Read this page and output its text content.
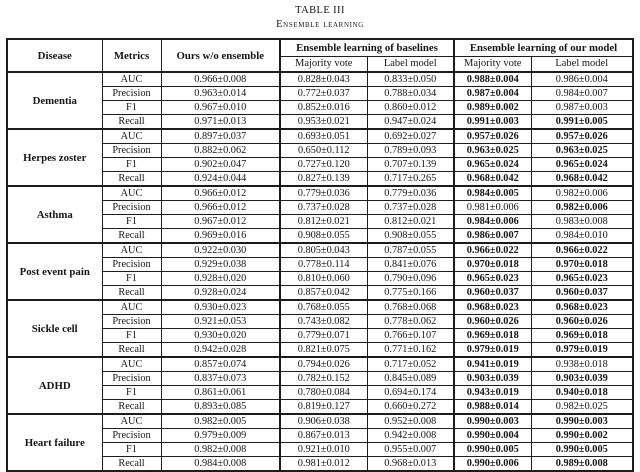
TABLE III
Ensemble learning
Disease	Metrics	Ours w/o ensemble	Ensemble learning of baselines		Ensemble learning of our model	
			Majority vote	Label model	Majority vote	Label model
Dementia	AUC	0.966±0.008	0.828±0.043	0.833±0.050	0.988±0.004	0.986±0.004
	Precision	0.963±0.014	0.772±0.037	0.788±0.034	0.987±0.004	0.984±0.007
	F1	0.967±0.010	0.852±0.016	0.860±0.012	0.989±0.002	0.987±0.003
	Recall	0.971±0.013	0.953±0.021	0.947±0.024	0.991±0.003	0.991±0.005
Herpes zoster	AUC	0.897±0.037	0.693±0.051	0.692±0.027	0.957±0.026	0.957±0.026
	Precision	0.882±0.062	0.650±0.112	0.789±0.093	0.963±0.025	0.963±0.025
	F1	0.902±0.047	0.727±0.120	0.707±0.139	0.965±0.024	0.965±0.024
	Recall	0.924±0.044	0.827±0.139	0.717±0.265	0.968±0.042	0.968±0.042
Asthma	AUC	0.966±0.012	0.779±0.036	0.779±0.036	0.984±0.005	0.982±0.006
	Precision	0.966±0.012	0.737±0.028	0.737±0.028	0.981±0.006	0.982±0.006
	F1	0.967±0.012	0.812±0.021	0.812±0.021	0.984±0.006	0.983±0.008
	Recall	0.969±0.016	0.908±0.055	0.908±0.055	0.986±0.007	0.984±0.010
Post event pain	AUC	0.922±0.030	0.805±0.043	0.787±0.055	0.966±0.022	0.966±0.022
	Precision	0.929±0.038	0.778±0.114	0.841±0.076	0.970±0.018	0.970±0.018
	F1	0.928±0.020	0.810±0.060	0.790±0.096	0.965±0.023	0.965±0.023
	Recall	0.928±0.024	0.857±0.042	0.775±0.166	0.960±0.037	0.960±0.037
Sickle cell	AUC	0.930±0.023	0.768±0.055	0.768±0.068	0.968±0.023	0.968±0.023
	Precision	0.921±0.053	0.743±0.082	0.778±0.062	0.960±0.026	0.960±0.026
	F1	0.930±0.020	0.779±0.071	0.766±0.107	0.969±0.018	0.969±0.018
	Recall	0.942±0.028	0.821±0.075	0.771±0.162	0.979±0.019	0.979±0.019
ADHD	AUC	0.857±0.074	0.794±0.026	0.717±0.052	0.941±0.019	0.938±0.018
	Precision	0.837±0.073	0.782±0.152	0.845±0.089	0.903±0.039	0.903±0.039
	F1	0.861±0.061	0.780±0.084	0.694±0.174	0.943±0.019	0.940±0.018
	Recall	0.893±0.085	0.819±0.127	0.660±0.272	0.988±0.014	0.982±0.025
Heart failure	AUC	0.982±0.005	0.906±0.038	0.952±0.008	0.990±0.003	0.990±0.003
	Precision	0.979±0.009	0.867±0.013	0.942±0.008	0.990±0.004	0.990±0.002
	F1	0.982±0.008	0.921±0.010	0.955±0.007	0.990±0.005	0.990±0.005
	Recall	0.984±0.008	0.981±0.012	0.968±0.013	0.990±0.006	0.989±0.008
